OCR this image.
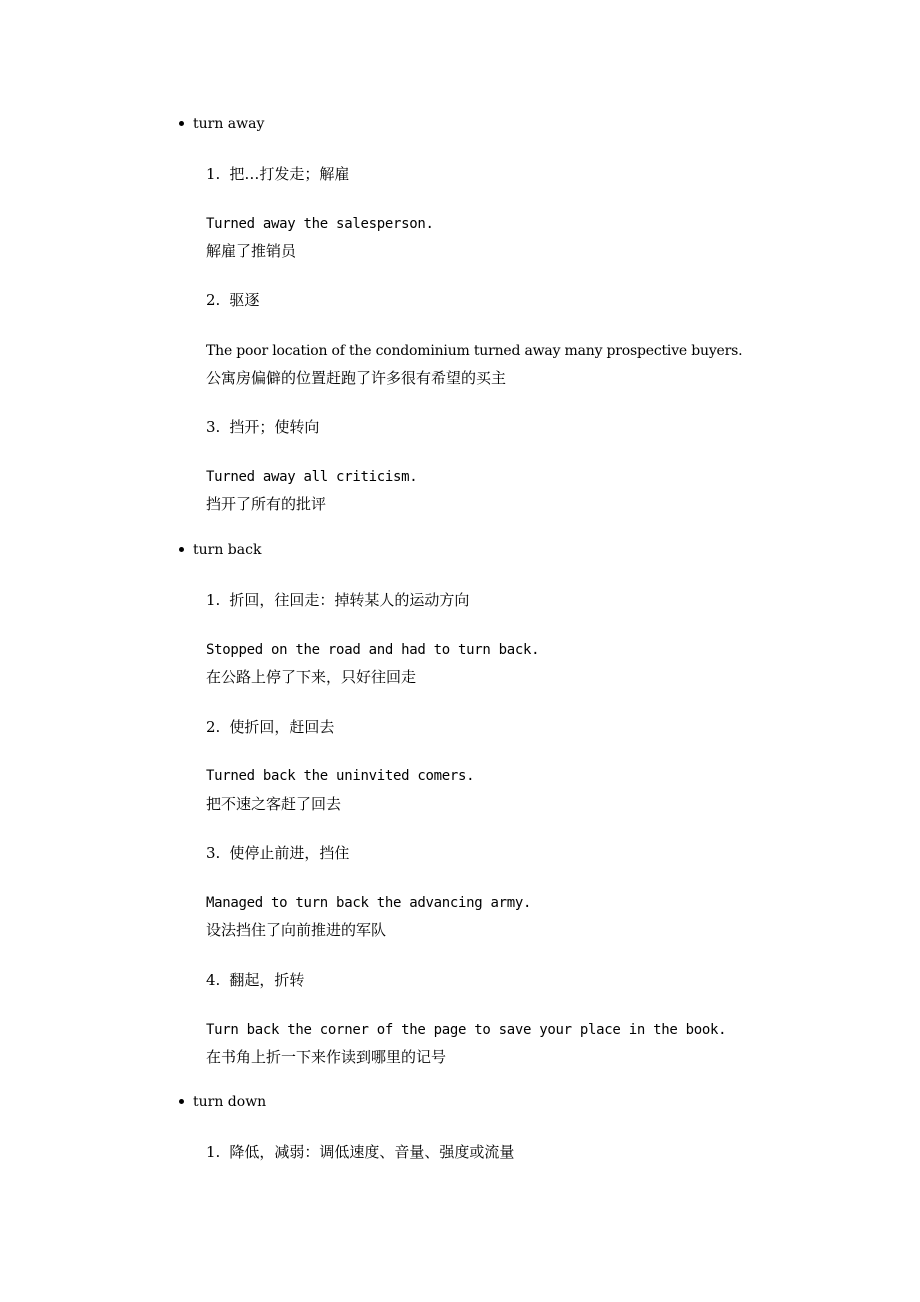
turn away
1. 把…打发走；解雇
Turned away the salesperson.
解雇了推销员
2. 驱逐
The poor location of the condominium turned away many prospective buyers.
公寓房偏僻的位置赶跑了许多很有希望的买主
3. 挡开；使转向
Turned away all criticism.
挡开了所有的批评
turn back
1. 折回，往回走：掉转某人的运动方向
Stopped on the road and had to turn back.
在公路上停了下来，只好往回走
2. 使折回，赶回去
Turned back the uninvited comers.
把不速之客赶了回去
3. 使停止前进，挡住
Managed to turn back the advancing army.
设法挡住了向前推进的军队
4. 翻起，折转
Turn back the corner of the page to save your place in the book.
在书角上折一下来作读到哪里的记号
turn down
1. 降低，减弱：调低速度、音量、强度或流量
